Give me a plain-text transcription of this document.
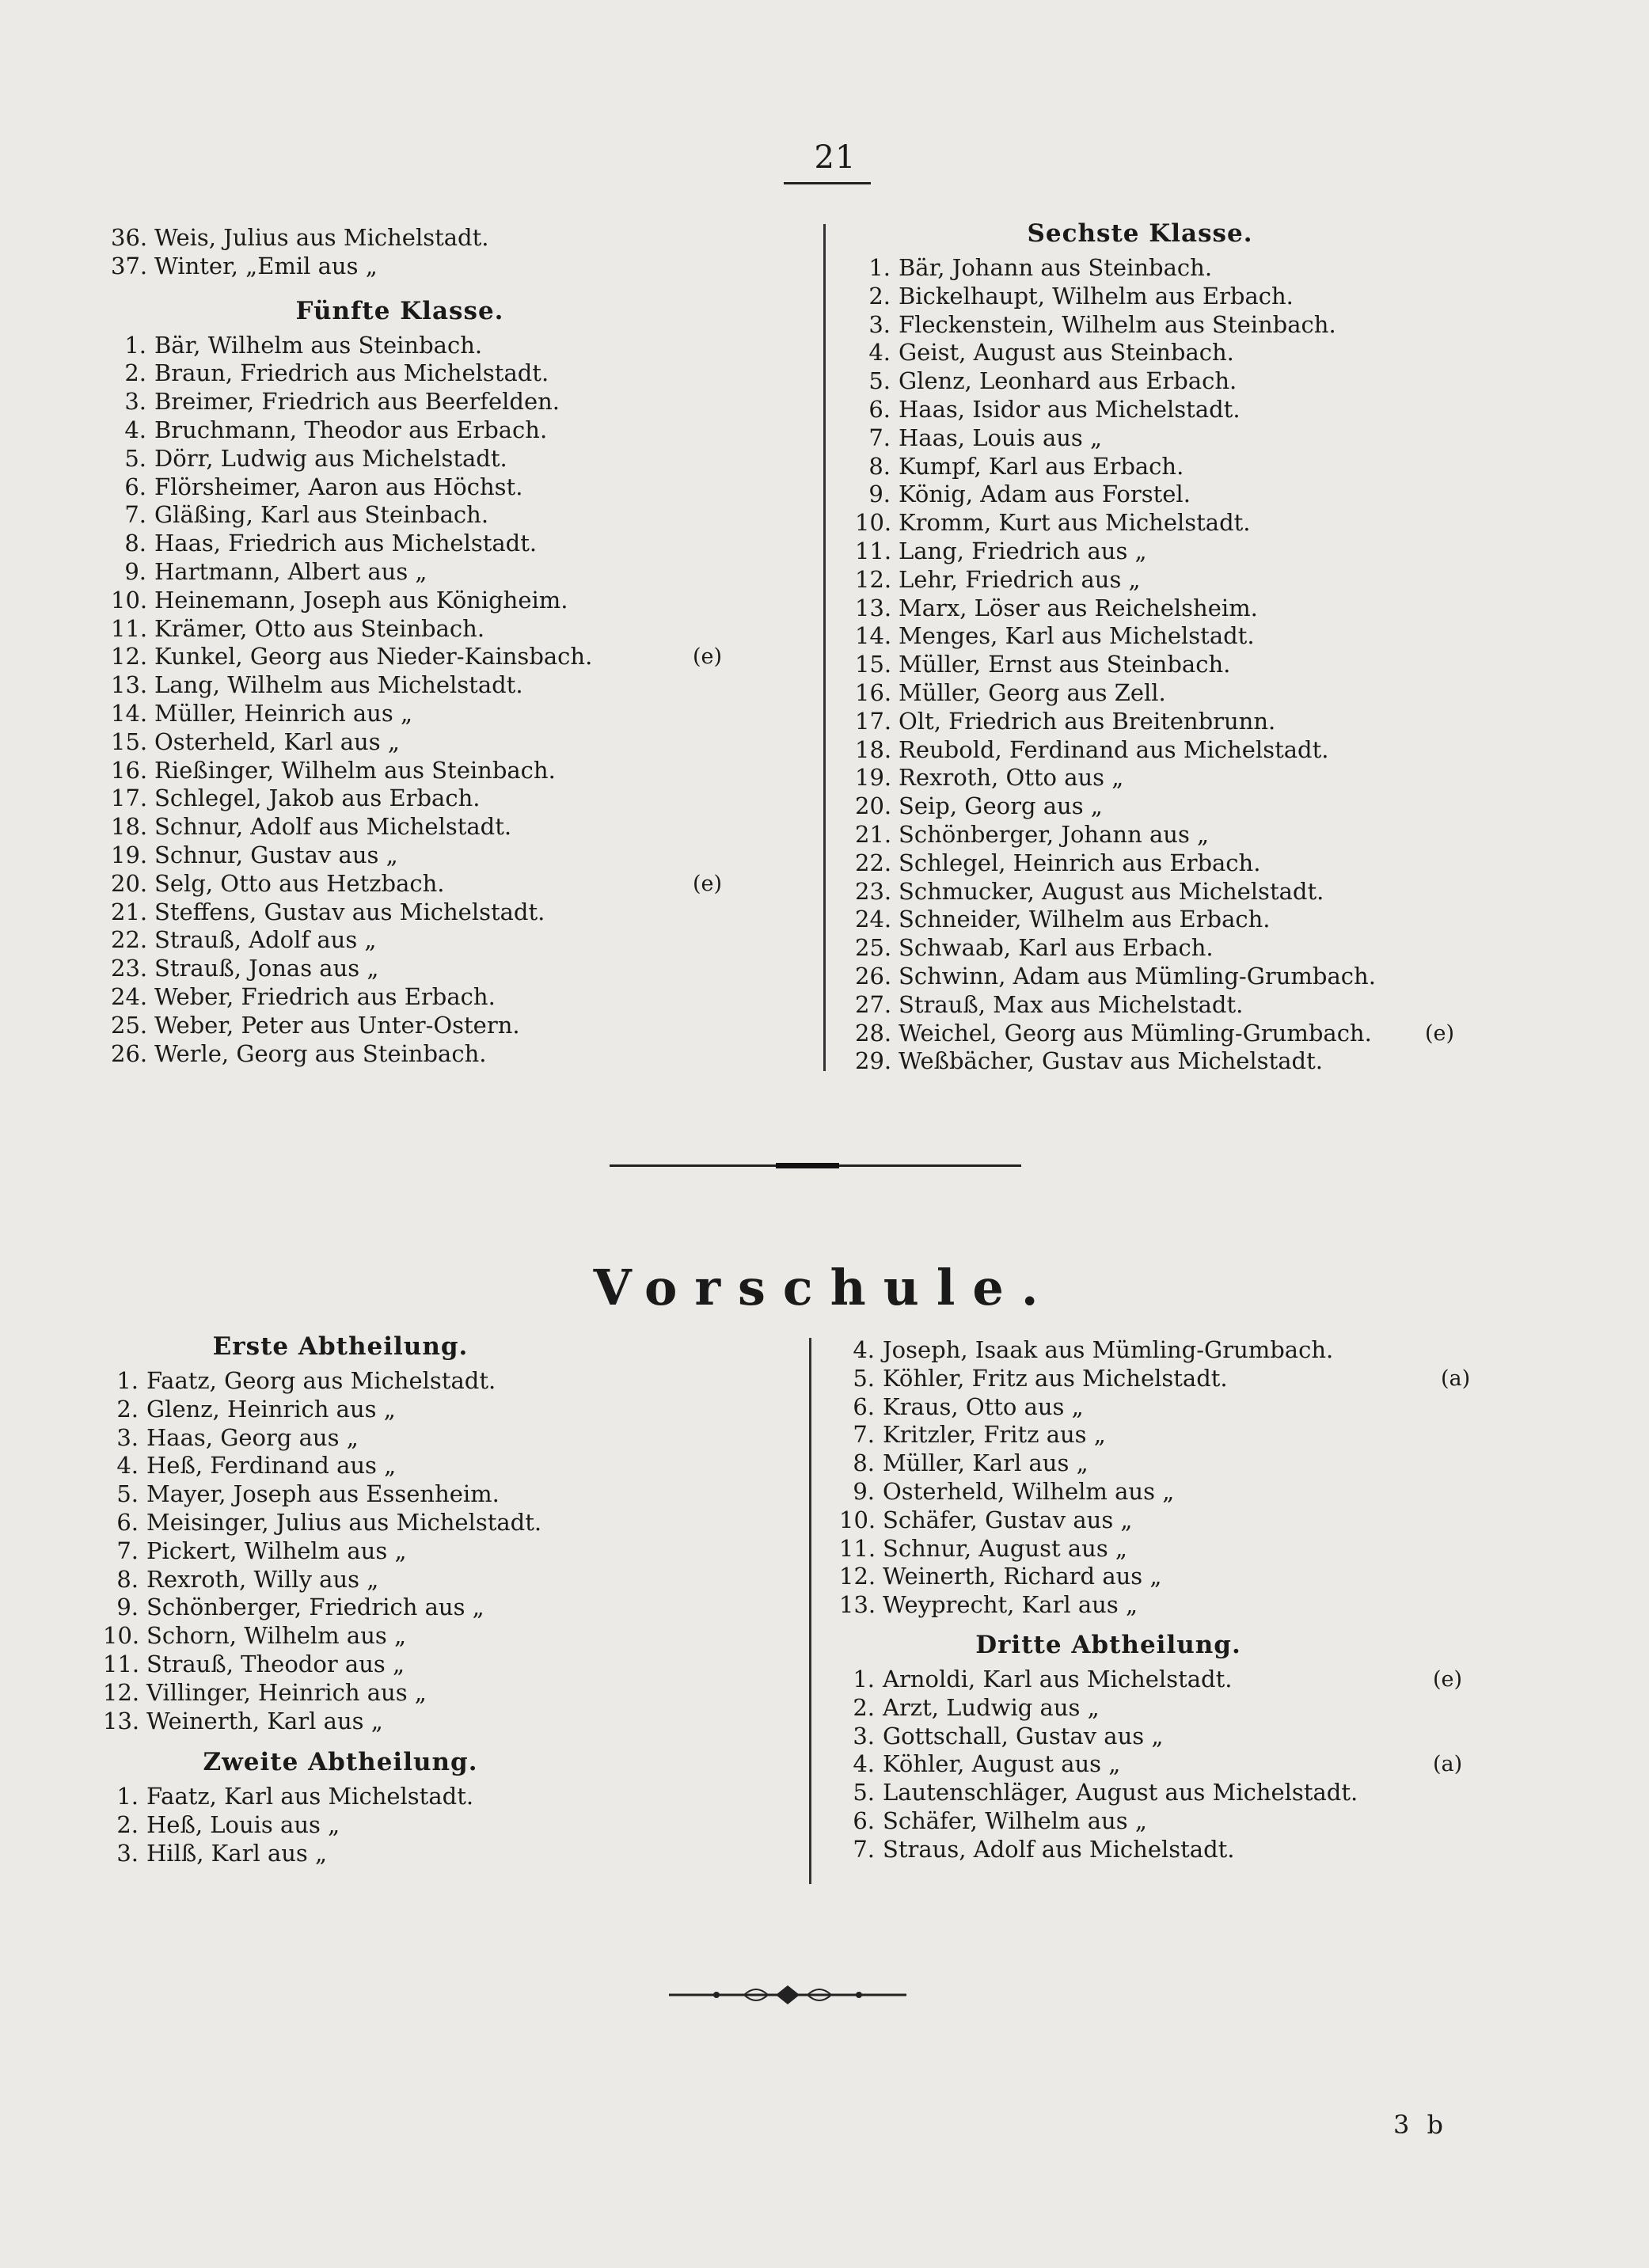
21
36. Weis, Julius aus Michelstadt.
37. Winter, „Emil aus „
Fünfte Klasse.
1. Bär, Wilhelm aus Steinbach.
2. Braun, Friedrich aus Michelstadt.
3. Breimer, Friedrich aus Beerfelden.
4. Bruchmann, Theodor aus Erbach.
5. Dörr, Ludwig aus Michelstadt.
6. Flörsheimer, Aaron aus Höchst.
7. Gläßing, Karl aus Steinbach.
8. Haas, Friedrich aus Michelstadt.
9. Hartmann, Albert aus „
10. Heinemann, Joseph aus Königheim.
11. Krämer, Otto aus Steinbach.
12. Kunkel, Georg aus Nieder-Kainsbach.	(e)
13. Lang, Wilhelm aus Michelstadt.
14. Müller, Heinrich aus „
15. Osterheld, Karl aus „
16. Rießinger, Wilhelm aus Steinbach.
17. Schlegel, Jakob aus Erbach.
18. Schnur, Adolf aus Michelstadt.
19. Schnur, Gustav aus „
20. Selg, Otto aus Hetzbach.	(e)
21. Steffens, Gustav aus Michelstadt.
22. Strauß, Adolf aus „
23. Strauß, Jonas aus „
24. Weber, Friedrich aus Erbach.
25. Weber, Peter aus Unter-Ostern.
26. Werle, Georg aus Steinbach.
Sechste Klasse.
1. Bär, Johann aus Steinbach.
2. Bickelhaupt, Wilhelm aus Erbach.
3. Fleckenstein, Wilhelm aus Steinbach.
4. Geist, August aus Steinbach.
5. Glenz, Leonhard aus Erbach.
6. Haas, Isidor aus Michelstadt.
7. Haas, Louis aus „
8. Kumpf, Karl aus Erbach.
9. König, Adam aus Forstel.
10. Kromm, Kurt aus Michelstadt.
11. Lang, Friedrich aus „
12. Lehr, Friedrich aus „
13. Marx, Löser aus Reichelsheim.
14. Menges, Karl aus Michelstadt.
15. Müller, Ernst aus Steinbach.
16. Müller, Georg aus Zell.
17. Olt, Friedrich aus Breitenbrunn.
18. Reubold, Ferdinand aus Michelstadt.
19. Rexroth, Otto aus „
20. Seip, Georg aus „
21. Schönberger, Johann aus „
22. Schlegel, Heinrich aus Erbach.
23. Schmucker, August aus Michelstadt.
24. Schneider, Wilhelm aus Erbach.
25. Schwaab, Karl aus Erbach.
26. Schwinn, Adam aus Mümling-Grumbach.
27. Strauß, Max aus Michelstadt.
28. Weichel, Georg aus Mümling-Grumbach. (e)
29. Weßbächer, Gustav aus Michelstadt.
Vorschule.
Erste Abtheilung.
1. Faatz, Georg aus Michelstadt.
2. Glenz, Heinrich aus „
3. Haas, Georg aus „
4. Heß, Ferdinand aus „
5. Mayer, Joseph aus Essenheim.
6. Meisinger, Julius aus Michelstadt.
7. Pickert, Wilhelm aus „
8. Rexroth, Willy aus „
9. Schönberger, Friedrich aus „
10. Schorn, Wilhelm aus „
11. Strauß, Theodor aus „
12. Villinger, Heinrich aus „
13. Weinerth, Karl aus „
Zweite Abtheilung.
1. Faatz, Karl aus Michelstadt.
2. Heß, Louis aus „
3. Hilß, Karl aus „
4. Joseph, Isaak aus Mümling-Grumbach.
5. Köhler, Fritz aus Michelstadt.	(a)
6. Kraus, Otto aus „
7. Kritzler, Fritz aus „
8. Müller, Karl aus „
9. Osterheld, Wilhelm aus „
10. Schäfer, Gustav aus „
11. Schnur, August aus „
12. Weinerth, Richard aus „
13. Weyprecht, Karl aus „
Dritte Abtheilung.
1. Arnoldi, Karl aus Michelstadt.	(e)
2. Arzt, Ludwig aus „
3. Gottschall, Gustav aus „
4. Köhler, August aus „	(a)
5. Lautenschläger, August aus Michelstadt.
6. Schäfer, Wilhelm aus „
7. Straus, Adolf aus Michelstadt.
3 b
